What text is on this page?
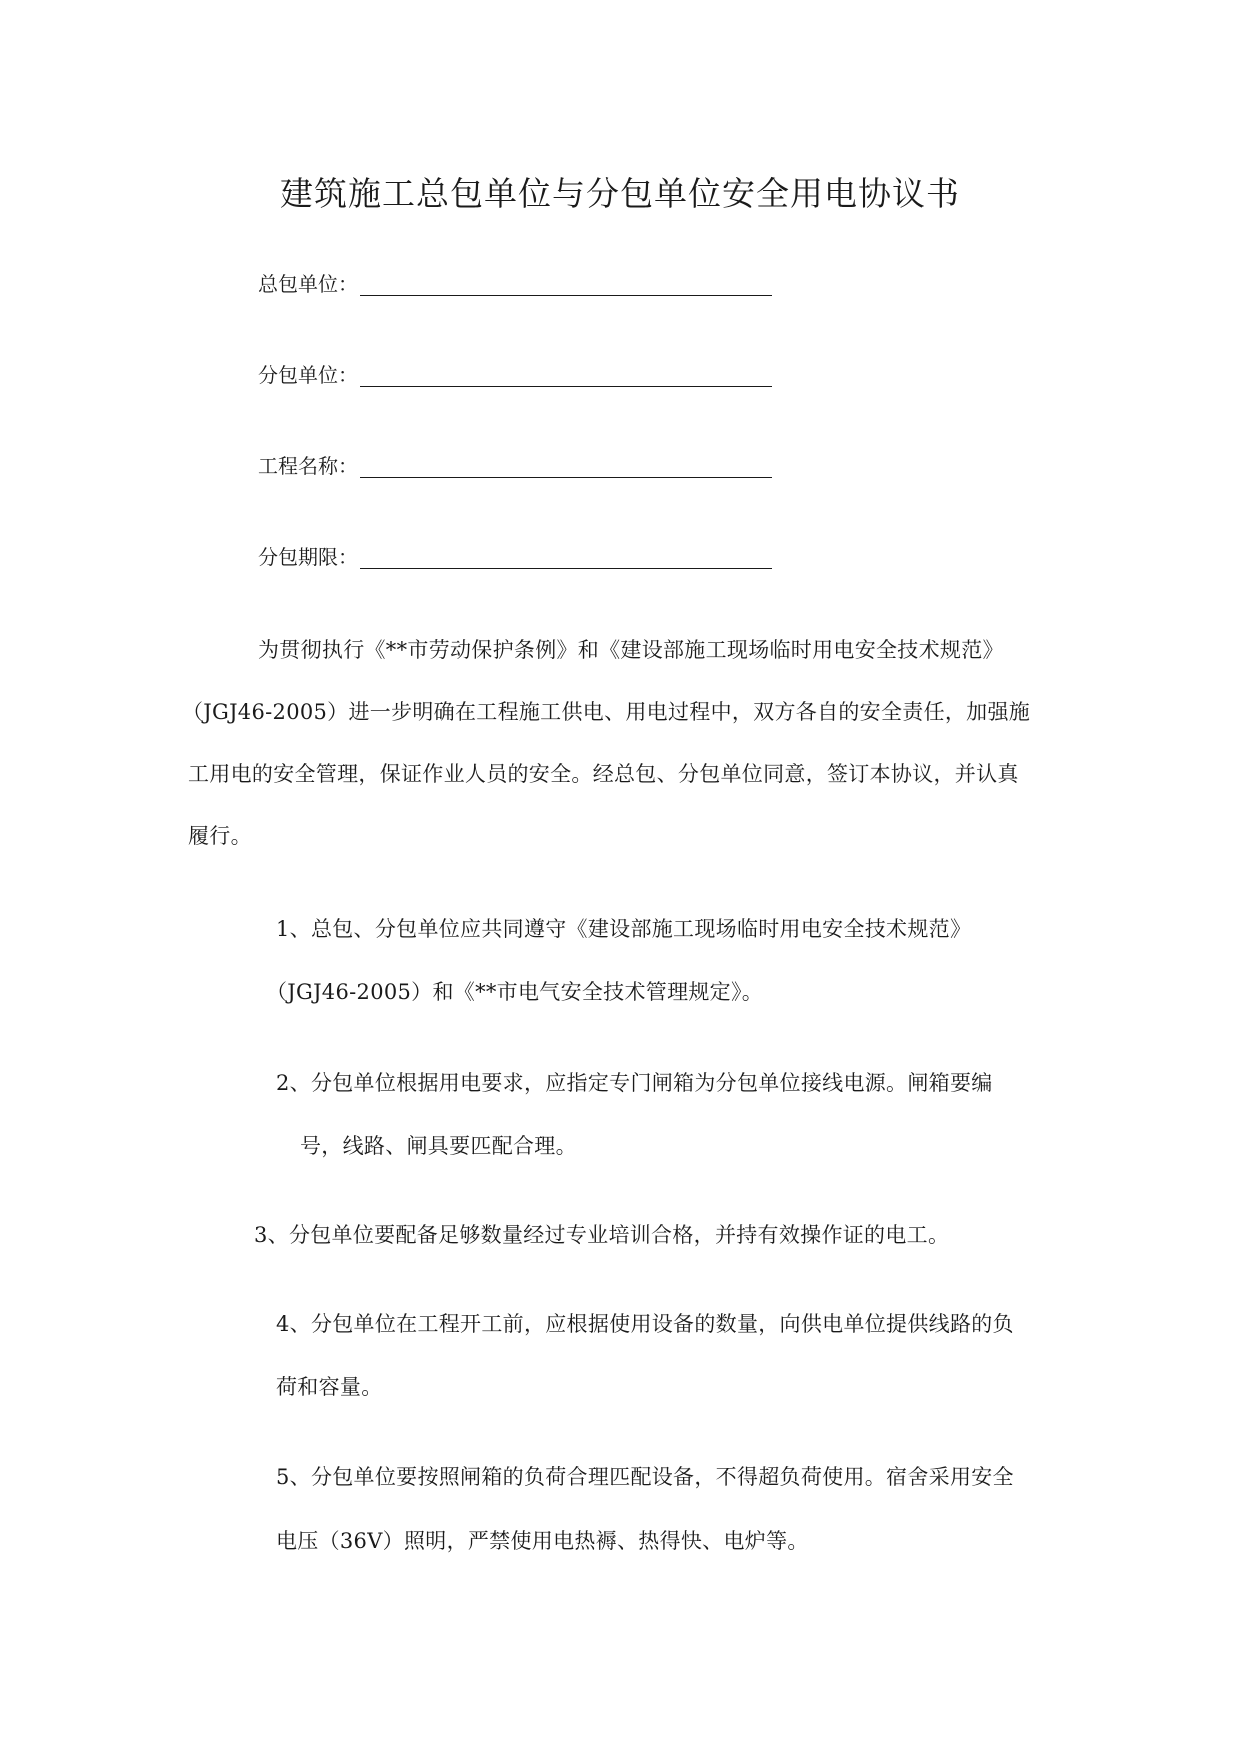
建筑施工总包单位与分包单位安全用电协议书
总包单位：
分包单位：
工程名称：
分包期限：
为贯彻执行《**市劳动保护条例》和《建设部施工现场临时用电安全技术规范》
（JGJ46-2005）进一步明确在工程施工供电、用电过程中，双方各自的安全责任，加强施
工用电的安全管理，保证作业人员的安全。经总包、分包单位同意，签订本协议，并认真
履行。
1、总包、分包单位应共同遵守《建设部施工现场临时用电安全技术规范》
（JGJ46-2005）和《**市电气安全技术管理规定》。
2、分包单位根据用电要求，应指定专门闸箱为分包单位接线电源。闸箱要编
号，线路、闸具要匹配合理。
3、分包单位要配备足够数量经过专业培训合格，并持有效操作证的电工。
4、分包单位在工程开工前，应根据使用设备的数量，向供电单位提供线路的负
荷和容量。
5、分包单位要按照闸箱的负荷合理匹配设备，不得超负荷使用。宿舍采用安全
电压（36V）照明，严禁使用电热褥、热得快、电炉等。
